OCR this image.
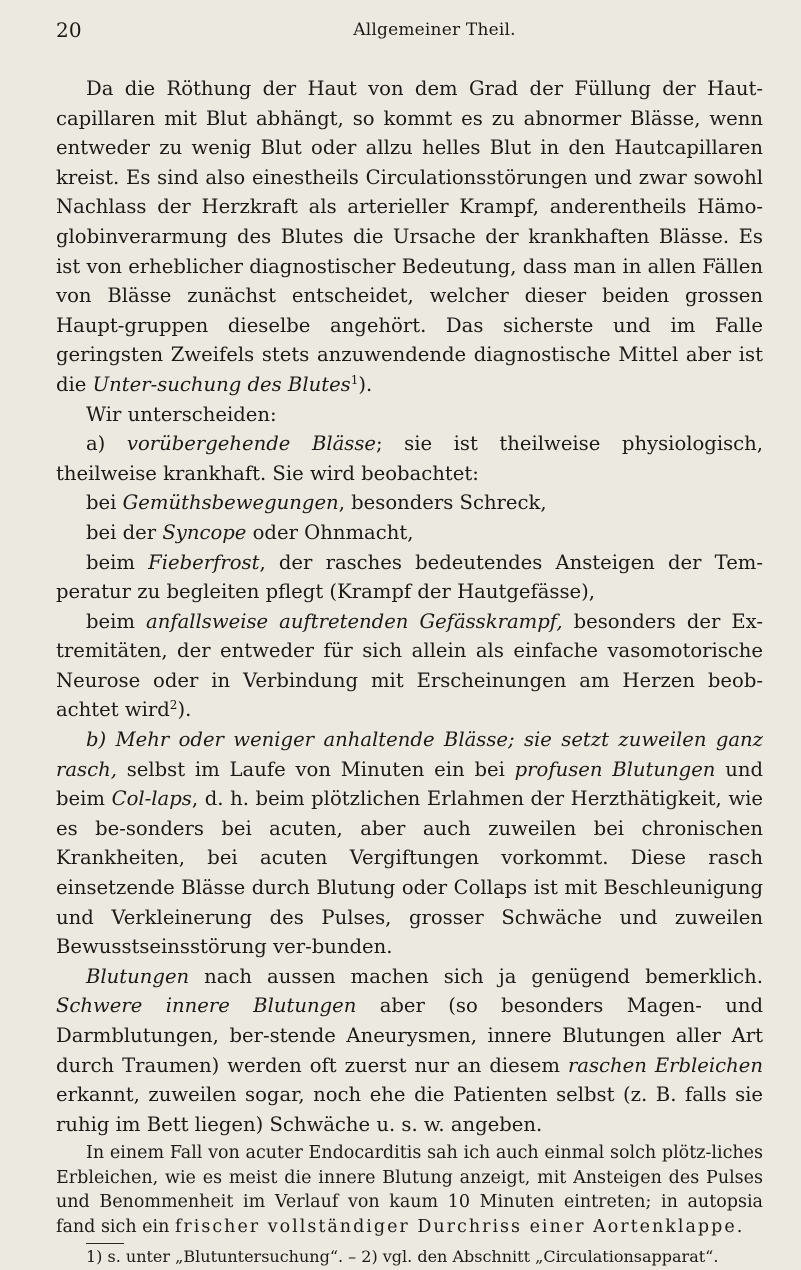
20	Allgemeiner Theil.

Da die Röthung der Haut von dem Grad der Füllung der Haut-capillaren mit Blut abhängt, so kommt es zu abnormer Blässe, wenn entweder zu wenig Blut oder allzu helles Blut in den Hautcapillaren kreist. Es sind also einestheils Circulationsstörungen und zwar sowohl Nachlass der Herzkraft als arterieller Krampf, anderentheils Hämo-globinverarmung des Blutes die Ursache der krankhaften Blässe. Es ist von erheblicher diagnostischer Bedeutung, dass man in allen Fällen von Blässe zunächst entscheidet, welcher dieser beiden grossen Haupt-gruppen dieselbe angehört. Das sicherste und im Falle geringsten Zweifels stets anzuwendende diagnostische Mittel aber ist die Unter-suchung des Blutes$^1$).

Wir unterscheiden:

a) vorübergehende Blässe; sie ist theilweise physiologisch, theilweise krankhaft. Sie wird beobachtet:

bei Gemüthsbewegungen, besonders Schreck,

bei der Syncope oder Ohnmacht,

beim Fieberfrost, der rasches bedeutendes Ansteigen der Tem-peratur zu begleiten pflegt (Krampf der Hautgefässe),

beim anfallsweise auftretenden Gefässkrampf, besonders der Ex-tremitäten, der entweder für sich allein als einfache vasomotorische Neurose oder in Verbindung mit Erscheinungen am Herzen beob-achtet wird$^2$).

b) Mehr oder weniger anhaltende Blässe; sie setzt zuweilen ganz rasch, selbst im Laufe von Minuten ein bei profusen Blutungen und beim Col-laps, d. h. beim plötzlichen Erlahmen der Herzthätigkeit, wie es be-sonders bei acuten, aber auch zuweilen bei chronischen Krankheiten, bei acuten Vergiftungen vorkommt. Diese rasch einsetzende Blässe durch Blutung oder Collaps ist mit Beschleunigung und Verkleinerung des Pulses, grosser Schwäche und zuweilen Bewusstseinsstörung ver-bunden.

Blutungen nach aussen machen sich ja genügend bemerklich. Schwere innere Blutungen aber (so besonders Magen- und Darmblutungen, ber-stende Aneurysmen, innere Blutungen aller Art durch Traumen) werden oft zuerst nur an diesem raschen Erbleichen erkannt, zuweilen sogar, noch ehe die Patienten selbst (z. B. falls sie ruhig im Bett liegen) Schwäche u. s. w. angeben.

In einem Fall von acuter Endocarditis sah ich auch einmal solch plötz-liches Erbleichen, wie es meist die innere Blutung anzeigt, mit Ansteigen des Pulses und Benommenheit im Verlauf von kaum 10 Minuten eintreten; in autopsia fand sich ein frischer vollständiger Durchriss einer Aortenklappe.

1) s. unter „Blutuntersuchung“. – 2) vgl. den Abschnitt „Circulationsapparat“.
